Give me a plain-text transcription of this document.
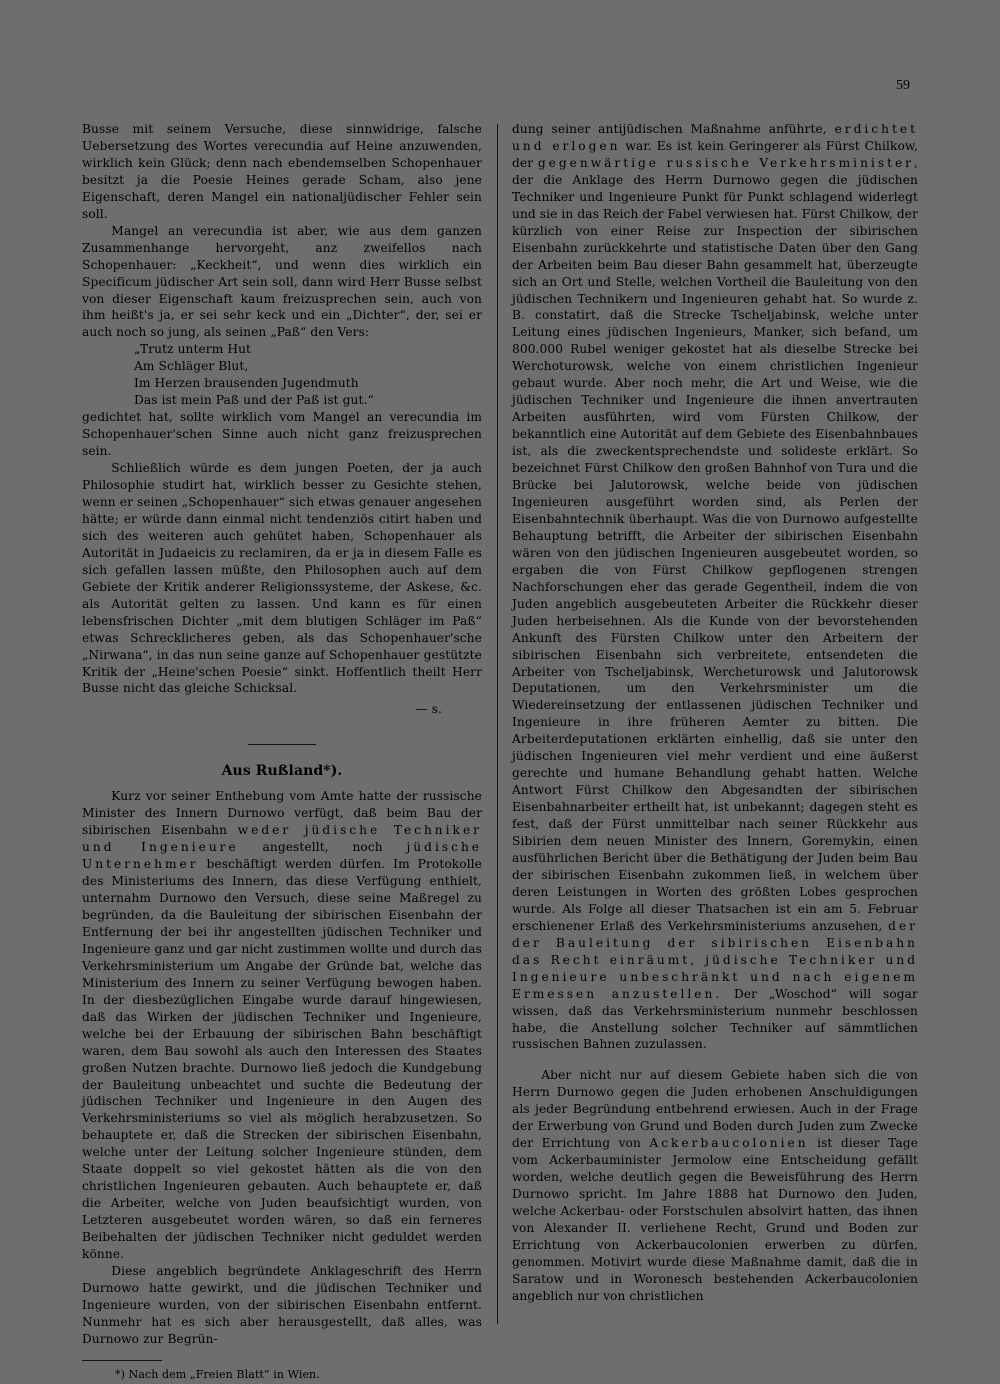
59

Busse mit seinem Versuche, diese sinnwidrige, falsche Uebersetzung des Wortes verecundia auf Heine anzuwenden, wirklich kein Glück; denn nach ebendemselben Schopenhauer besitzt ja die Poesie Heines gerade Scham, also jene Eigenschaft, deren Mangel ein nationaljüdischer Fehler sein soll.

Mangel an verecundia ist aber, wie aus dem ganzen Zusammenhange hervorgeht, anz zweifellos nach Schopenhauer: „Keckheit“, und wenn dies wirklich ein Specificum jüdischer Art sein soll, dann wird Herr Busse selbst von dieser Eigenschaft kaum freizusprechen sein, auch von ihm heißt's ja, er sei sehr keck und ein „Dichter“, der, sei er auch noch so jung, als seinen „Paß“ den Vers:

„Trutz unterm Hut
Am Schläger Blut,
Im Herzen brausenden Jugendmuth
Das ist mein Paß und der Paß ist gut.“

gedichtet hat, sollte wirklich vom Mangel an verecundia im Schopenhauer'schen Sinne auch nicht ganz freizusprechen sein.

Schließlich würde es dem jungen Poeten, der ja auch Philosophie studirt hat, wirklich besser zu Gesichte stehen, wenn er seinen „Schopenhauer“ sich etwas genauer angesehen hätte; er würde dann einmal nicht tendenziös citirt haben und sich des weiteren auch gehütet haben, Schopenhauer als Autorität in Judaeicis zu reclamiren, da er ja in diesem Falle es sich gefallen lassen müßte, den Philosophen auch auf dem Gebiete der Kritik anderer Religionssysteme, der Askese, &c. als Autorität gelten zu lassen. Und kann es für einen lebensfrischen Dichter „mit dem blutigen Schläger im Paß“ etwas Schrecklicheres geben, als das Schopenhauer'sche „Nirwana“, in das nun seine ganze auf Schopenhauer gestützte Kritik der „Heine'schen Poesie“ sinkt. Hoffentlich theilt Herr Busse nicht das gleiche Schicksal.

— s.
Aus Rußland*).

Kurz vor seiner Enthebung vom Amte hatte der russische Minister des Innern Durnowo verfügt, daß beim Bau der sibirischen Eisenbahn weder jüdische Techniker und Ingenieure angestellt, noch jüdische Unternehmer beschäftigt werden dürfen. Im Protokolle des Ministeriums des Innern, das diese Verfügung enthielt, unternahm Durnowo den Versuch, diese seine Maßregel zu begründen, da die Bauleitung der sibirischen Eisenbahn der Entfernung der bei ihr angestellten jüdischen Techniker und Ingenieure ganz und gar nicht zustimmen wollte und durch das Verkehrsministerium um Angabe der Gründe bat, welche das Ministerium des Innern zu seiner Verfügung bewogen haben. In der diesbezüglichen Eingabe wurde darauf hingewiesen, daß das Wirken der jüdischen Techniker und Ingenieure, welche bei der Erbauung der sibirischen Bahn beschäftigt waren, dem Bau sowohl als auch den Interessen des Staates großen Nutzen brachte. Durnowo ließ jedoch die Kundgebung der Bauleitung unbeachtet und suchte die Bedeutung der jüdischen Techniker und Ingenieure in den Augen des Verkehrsministeriums so viel als möglich herabzusetzen. So behauptete er, daß die Strecken der sibirischen Eisenbahn, welche unter der Leitung solcher Ingenieure stünden, dem Staate doppelt so viel gekostet hätten als die von den christlichen Ingenieuren gebauten. Auch behauptete er, daß die Arbeiter, welche von Juden beaufsichtigt wurden, von Letzteren ausgebeutet worden wären, so daß ein ferneres Beibehalten der jüdischen Techniker nicht geduldet werden könne.

Diese angeblich begründete Anklageschrift des Herrn Durnowo hatte gewirkt, und die jüdischen Techniker und Ingenieure wurden, von der sibirischen Eisenbahn entfernt. Nunmehr hat es sich aber herausgestellt, daß alles, was Durnowo zur Begrün-

*) Nach dem „Freien Blatt“ in Wien.

dung seiner antijüdischen Maßnahme anführte, erdichtet und erlogen war. Es ist kein Geringerer als Fürst Chilkow, der gegenwärtige russische Verkehrsminister, der die Anklage des Herrn Durnowo gegen die jüdischen Techniker und Ingenieure Punkt für Punkt schlagend widerlegt und sie in das Reich der Fabel verwiesen hat. Fürst Chilkow, der kürzlich von einer Reise zur Inspection der sibirischen Eisenbahn zurückkehrte und statistische Daten über den Gang der Arbeiten beim Bau dieser Bahn gesammelt hat, überzeugte sich an Ort und Stelle, welchen Vortheil die Bauleitung von den jüdischen Technikern und Ingenieuren gehabt hat. So wurde z. B. constatirt, daß die Strecke Tscheljabinsk, welche unter Leitung eines jüdischen Ingenieurs, Manker, sich befand, um 800.000 Rubel weniger gekostet hat als dieselbe Strecke bei Werchoturowsk, welche von einem christlichen Ingenieur gebaut wurde. Aber noch mehr, die Art und Weise, wie die jüdischen Techniker und Ingenieure die ihnen anvertrauten Arbeiten ausführten, wird vom Fürsten Chilkow, der bekanntlich eine Autorität auf dem Gebiete des Eisenbahnbaues ist, als die zweckentsprechendste und solideste erklärt. So bezeichnet Fürst Chilkow den großen Bahnhof von Tura und die Brücke bei Jalutorowsk, welche beide von jüdischen Ingenieuren ausgeführt worden sind, als Perlen der Eisenbahntechnik überhaupt. Was die von Durnowo aufgestellte Behauptung betrifft, die Arbeiter der sibirischen Eisenbahn wären von den jüdischen Ingenieuren ausgebeutet worden, so ergaben die von Fürst Chilkow gepflogenen strengen Nachforschungen eher das gerade Gegentheil, indem die von Juden angeblich ausgebeuteten Arbeiter die Rückkehr dieser Juden herbeisehnen. Als die Kunde von der bevorstehenden Ankunft des Fürsten Chilkow unter den Arbeitern der sibirischen Eisenbahn sich verbreitete, entsendeten die Arbeiter von Tscheljabinsk, Wercheturowsk und Jalutorowsk Deputationen, um den Verkehrsminister um die Wiedereinsetzung der entlassenen jüdischen Techniker und Ingenieure in ihre früheren Aemter zu bitten. Die Arbeiterdeputationen erklärten einhellig, daß sie unter den jüdischen Ingenieuren viel mehr verdient und eine äußerst gerechte und humane Behandlung gehabt hatten. Welche Antwort Fürst Chilkow den Abgesandten der sibirischen Eisenbahnarbeiter ertheilt hat, ist unbekannt; dagegen steht es fest, daß der Fürst unmittelbar nach seiner Rückkehr aus Sibirien dem neuen Minister des Innern, Goremykin, einen ausführlichen Bericht über die Bethätigung der Juden beim Bau der sibirischen Eisenbahn zukommen ließ, in welchem über deren Leistungen in Worten des größten Lobes gesprochen wurde. Als Folge all dieser Thatsachen ist ein am 5. Februar erschienener Erlaß des Verkehrsministeriums anzusehen, der der Bauleitung der sibirischen Eisenbahn das Recht einräumt, jüdische Techniker und Ingenieure unbeschränkt und nach eigenem Ermessen anzustellen. Der „Woschod“ will sogar wissen, daß das Verkehrsministerium nunmehr beschlossen habe, die Anstellung solcher Techniker auf sämmtlichen russischen Bahnen zuzulassen.

Aber nicht nur auf diesem Gebiete haben sich die von Herrn Durnowo gegen die Juden erhobenen Anschuldigungen als jeder Begründung entbehrend erwiesen. Auch in der Frage der Erwerbung von Grund und Boden durch Juden zum Zwecke der Errichtung von Ackerbaucolonien ist dieser Tage vom Ackerbauminister Jermolow eine Entscheidung gefällt worden, welche deutlich gegen die Beweisführung des Herrn Durnowo spricht. Im Jahre 1888 hat Durnowo den Juden, welche Ackerbau- oder Forstschulen absolvirt hatten, das ihnen von Alexander II. verliehene Recht, Grund und Boden zur Errichtung von Ackerbaucolonien erwerben zu dürfen, genommen. Motivirt wurde diese Maßnahme damit, daß die in Saratow und in Woronesch bestehenden Ackerbaucolonien angeblich nur von christlichen
